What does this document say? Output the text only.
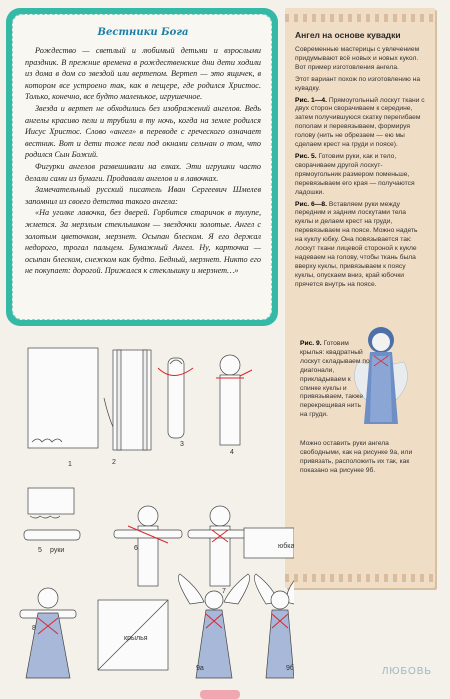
Вестники Бога

Рождество — светлый и любимый детьми и взрослыми праздник. В прежние времена в рождественские дни дети ходили из дома в дом со звездой или вертепом. Вертеп — это ящичек, в котором все устроено так, как в пещере, где родился Христос. Только, конечно, все будто маленькое, игрушечное.

Звезда и вертеп не обходились без изображений ангелов. Ведь ангелы красиво пели и трубили в ту ночь, когда на земле родился Иисус Христос. Слово «ангел» в переводе с греческого означает вестник. Вот и дети тоже пели под окнами сельчан о том, что родился Сын Божий.

Фигурки ангелов развешивали на елках. Эти игрушки часто делали сами из бумаги. Продавали ангелов и в лавочках.

Замечательный русский писатель Иван Сергеевич Шмелев запомнил из своего детства такого ангела:

«На уголке лавочка, без дверей. Горбится старичок в тулупе, жмется. За мерзлым стеклышком — звездочки золотые. Ангел с золотым цветочком, мерзнет. Осыпан блеском. Я его держал недорого, трогал пальцем. Бумажный Ангел. Ну, карточка — осыпан блеском, снежком как будто. Бедный, мерзнет. Никто его не покупает: дорогой. Прижался к стеклышку и мерзнет…»

Ангел на основе кувадки

Современные мастерицы с увлечением придумывают всё новых и новых кукол. Вот пример изготовления ангела.

Этот вариант похож по изготовлению на кувадку.

Рис. 1—4. Прямоугольный лоскут ткани с двух сторон сворачиваем к середине, затем получившуюся скатку перегибаем пополам и перевязываем, формируя голову (нить не обрезаем — ею мы сделаем крест на груди и поясе).

Рис. 5. Готовим руки, как и тело, сворачиваем другой лоскут-прямоугольник размером поменьше, перевязываем его края — получаются ладошки.

Рис. 6—8. Вставляем руки между передним и задним лоскутами тела куклы и делаем крест на груди, перевязываем на поясе. Можно надеть на куклу юбку. Она повязывается так: лоскут ткани лицевой стороной к кукле надеваем на голову, чтобы ткань была вверху куклы, привязываем к поясу куклы, опускаем вниз, край юбочки прячется внутрь на поясе.

Рис. 9. Готовим крылья: квадратный лоскут складываем по диагонали, прикладываем к спинке куклы и привязываем, также перекрещивая нить на груди.
Можно оставить руки ангела свободными, как на рисунке 9а, или привязать, расположить их так, как показано на рисунке 9б.
1	2
3
4
5 руки	6
7
юбка
8
крылья
9а	9б	ЛЮБОВЬ
